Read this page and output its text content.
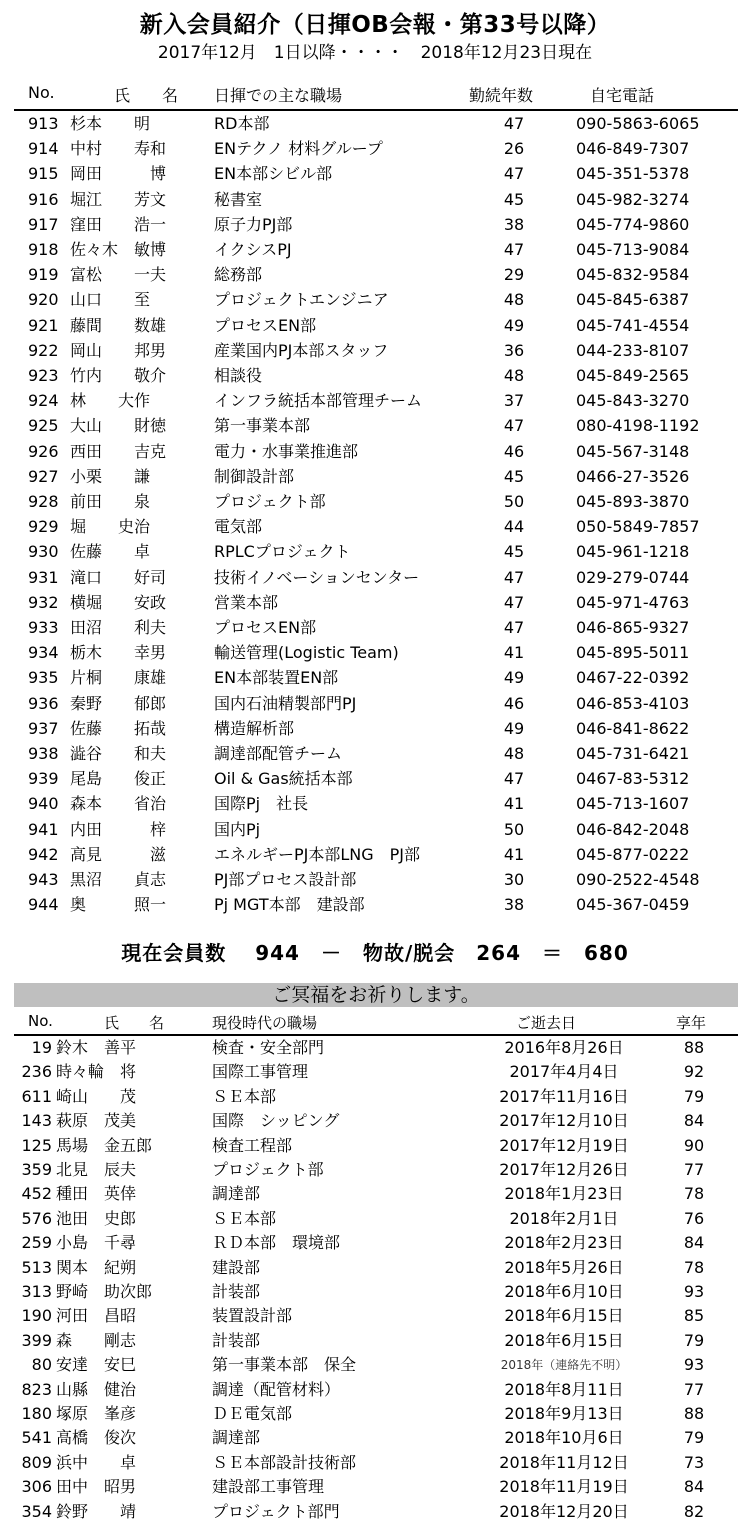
新入会員紹介（日揮OB会報・第33号以降）
2017年12月　1日以降・・・・　2018年12月23日現在
No.	氏　　名 日揮での主な職場	勤続年数	自宅電話
913 杉本　　明	RD本部	47	090-5863-6065
914 中村　　寿和	ENテクノ 材料グループ	26	046-849-7307
915 岡田　　　博	EN本部シビル部	47	045-351-5378
916 堀江　　芳文	秘書室	45	045-982-3274
917 窪田　　浩一	原子力PJ部	38	045-774-9860
918 佐々木　敏博	イクシスPJ	47	045-713-9084
919 富松　　一夫	総務部	29	045-832-9584
920 山口　　至	プロジェクトエンジニア	48	045-845-6387
921 藤間　　数雄	プロセスEN部	49	045-741-4554
922 岡山　　邦男	産業国内PJ本部スタッフ	36	044-233-8107
923 竹内　　敬介	相談役	48	045-849-2565
924 林　　大作	インフラ統括本部管理チーム	37	045-843-3270
925 大山　　財徳	第一事業本部	47	080-4198-1192
926 西田　　吉克	電力・水事業推進部	46	045-567-3148
927 小栗　　謙	制御設計部	45	0466-27-3526
928 前田　　泉	プロジェクト部	50	045-893-3870
929 堀　　史治	電気部	44	050-5849-7857
930 佐藤　　卓	RPLCプロジェクト	45	045-961-1218
931 滝口　　好司	技術イノベーションセンター	47	029-279-0744
932 横堀　　安政	営業本部	47	045-971-4763
933 田沼　　利夫	プロセスEN部	47	046-865-9327
934 栃木　　幸男	輸送管理(Logistic Team)	41	045-895-5011
935 片桐　　康雄	EN本部装置EN部	49	0467-22-0392
936 秦野　　郁郎	国内石油精製部門PJ	46	046-853-4103
937 佐藤　　拓哉	構造解析部	49	046-841-8622
938 澁谷　　和夫	調達部配管チーム	48	045-731-6421
939 尾島　　俊正	Oil & Gas統括本部	47	0467-83-5312
940 森本　　省治	国際Pj　社長	41	045-713-1607
941 内田　　　梓	国内Pj	50	046-842-2048
942 高見　　　滋	エネルギーPJ本部LNG　PJ部	41	045-877-0222
943 黒沼　　貞志	PJ部プロセス設計部	30	090-2522-4548
944 奥　　　照一	Pj MGT本部　建設部	38	045-367-0459
現在会員数　 944　－　物故/脱会　264　＝　680
ご冥福をお祈りします。
No.	氏　　名	現役時代の職場	ご逝去日	享年
19 鈴木　善平	検査・安全部門	2016年8月26日	88
236 時々輪　将	国際工事管理	2017年4月4日	92
611 崎山　　茂	ＳＥ本部	2017年11月16日	79
143 萩原　茂美	国際　シッピング	2017年12月10日	84
125 馬場　金五郎	検査工程部	2017年12月19日	90
359 北見　辰夫	プロジェクト部	2017年12月26日	77
452 種田　英倖	調達部	2018年1月23日	78
576 池田　史郎	ＳＥ本部	2018年2月1日	76
259 小島　千尋	ＲＤ本部　環境部	2018年2月23日	84
513 関本　紀朔	建設部	2018年5月26日	78
313 野崎　助次郎	計装部	2018年6月10日	93
190 河田　昌昭	装置設計部	2018年6月15日	85
399 森　　剛志	計装部	2018年6月15日	79
80 安達　安巳	第一事業本部　保全	2018年（連絡先不明）	93
823 山縣　健治	調達（配管材料）	2018年8月11日	77
180 塚原　峯彦	ＤＥ電気部	2018年9月13日	88
541 高橋　俊次	調達部	2018年10月6日	79
809 浜中　　卓	ＳＥ本部設計技術部	2018年11月12日	73
306 田中　昭男	建設部工事管理	2018年11月19日	84
354 鈴野　　靖	プロジェクト部門	2018年12月20日	82
